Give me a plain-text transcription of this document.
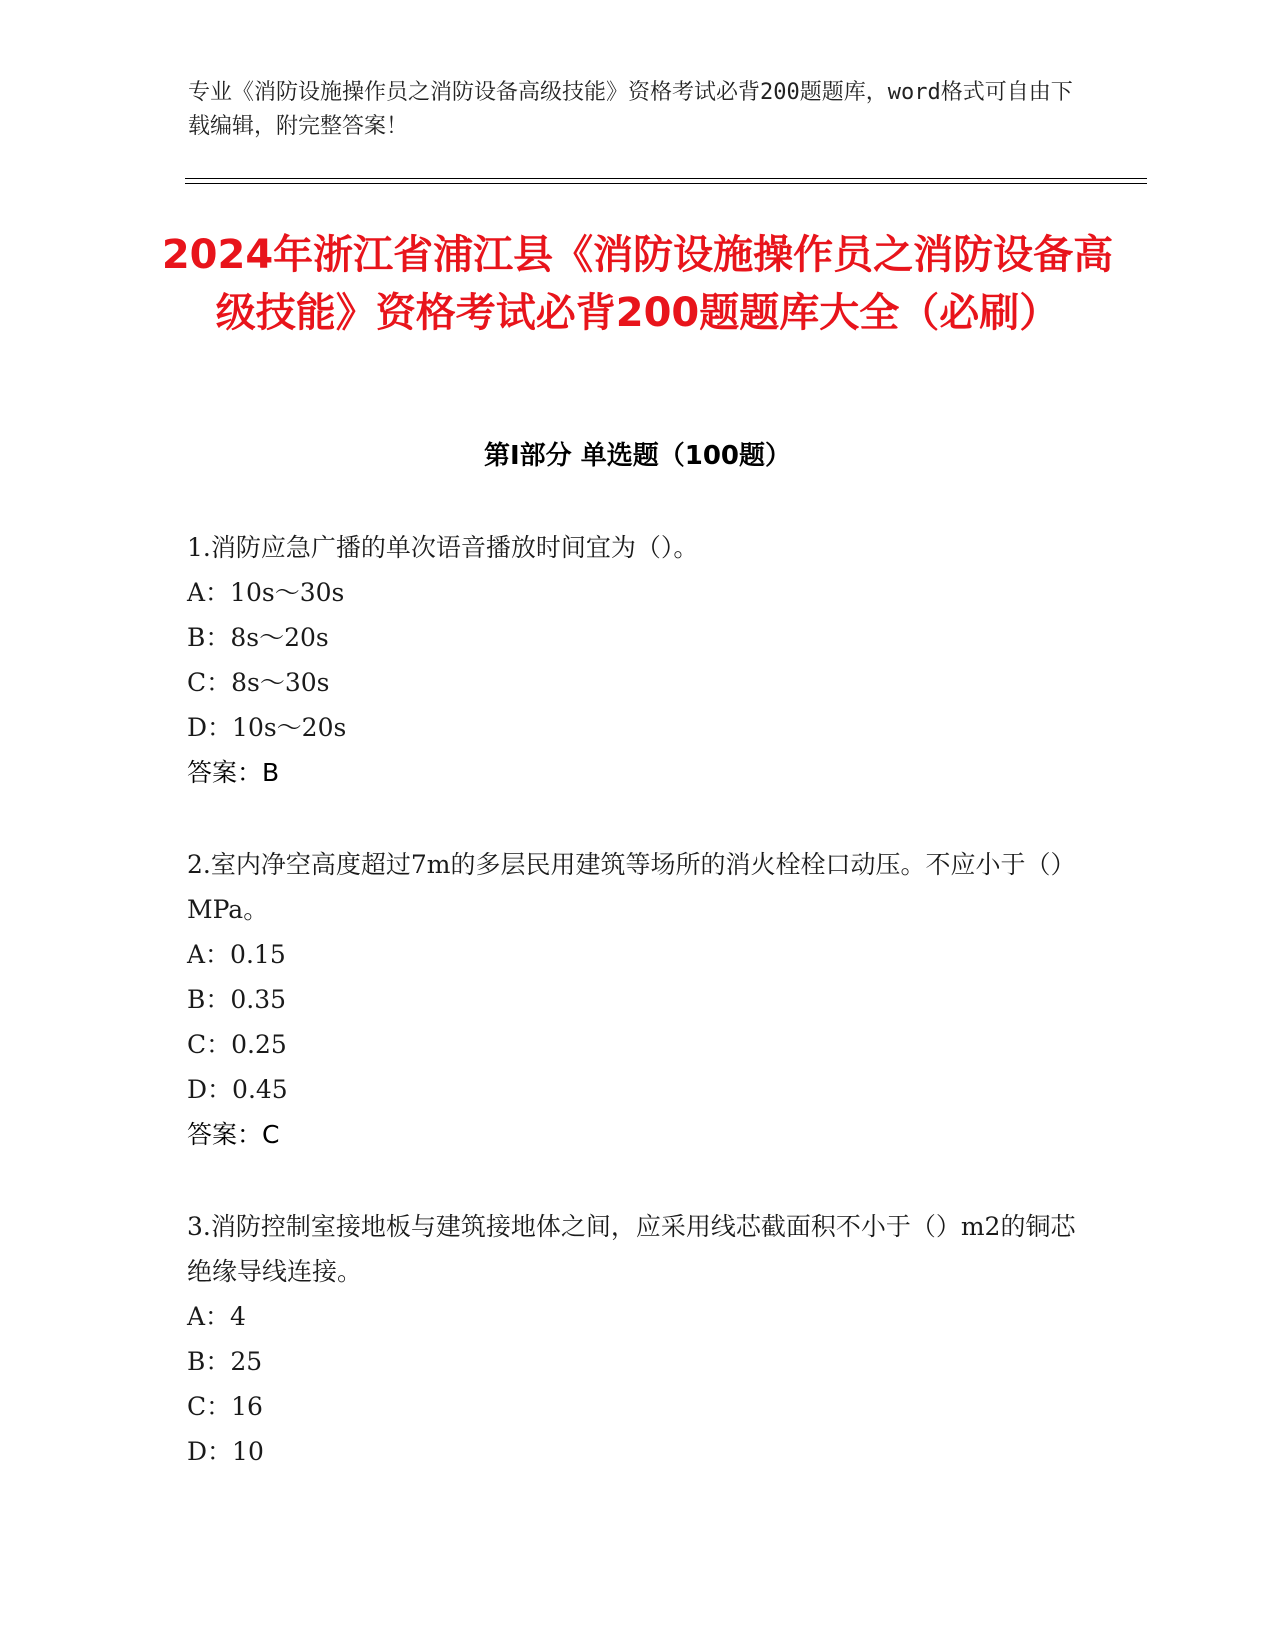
专业《消防设施操作员之消防设备高级技能》资格考试必背200题题库，word格式可自由下载编辑，附完整答案！

2024年浙江省浦江县《消防设施操作员之消防设备高级技能》资格考试必背200题题库大全（必刷）
第I部分 单选题（100题）

1.消防应急广播的单次语音播放时间宜为（）。

A：10s～30s
B：8s～20s
C：8s～30s
D：10s～20s

答案：B

2.室内净空高度超过7m的多层民用建筑等场所的消火栓栓口动压。不应小于（）MPa。

A：0.15
B：0.35
C：0.25
D：0.45

答案：C

3.消防控制室接地板与建筑接地体之间，应采用线芯截面积不小于（）m2的铜芯绝缘导线连接。

A：4
B：25
C：16
D：10
